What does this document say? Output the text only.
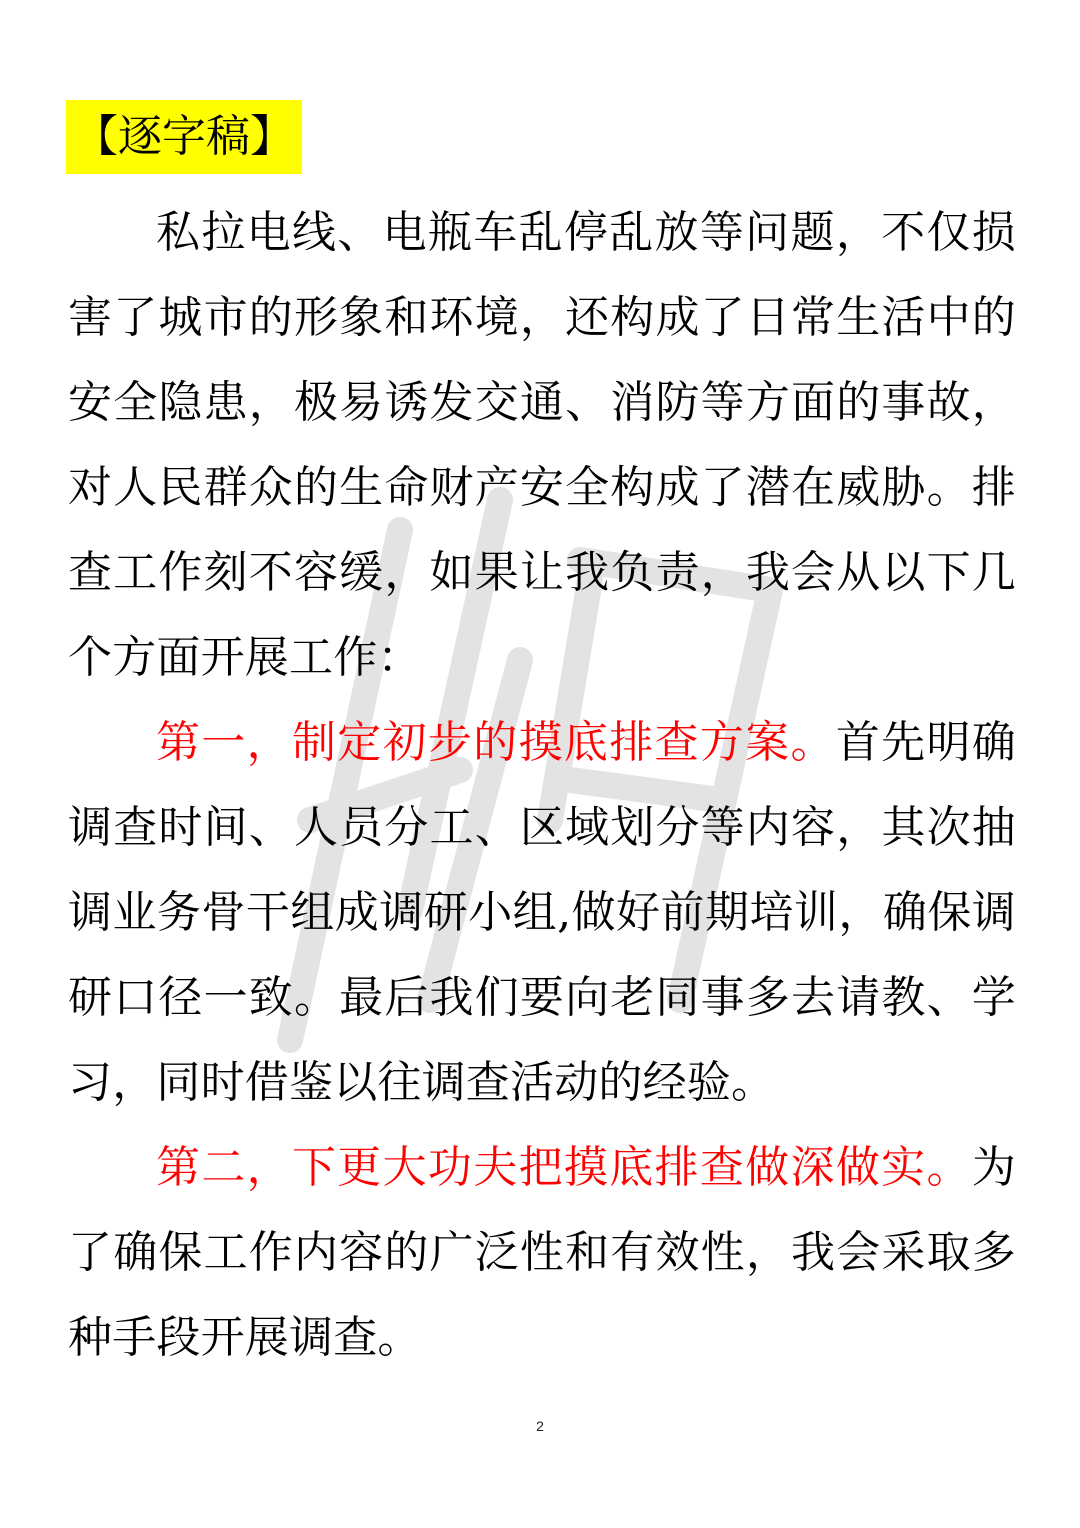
【逐字稿】

私拉电线、电瓶车乱停乱放等问题，不仅损害了城市的形象和环境，还构成了日常生活中的安全隐患，极易诱发交通、消防等方面的事故，对人民群众的生命财产安全构成了潜在威胁。排查工作刻不容缓，如果让我负责，我会从以下几个方面开展工作：

第一，制定初步的摸底排查方案。首先明确调查时间、人员分工、区域划分等内容，其次抽调业务骨干组成调研小组,做好前期培训，确保调研口径一致。最后我们要向老同事多去请教、学习，同时借鉴以往调查活动的经验。

第二，下更大功夫把摸底排查做深做实。为了确保工作内容的广泛性和有效性，我会采取多种手段开展调查。

2
